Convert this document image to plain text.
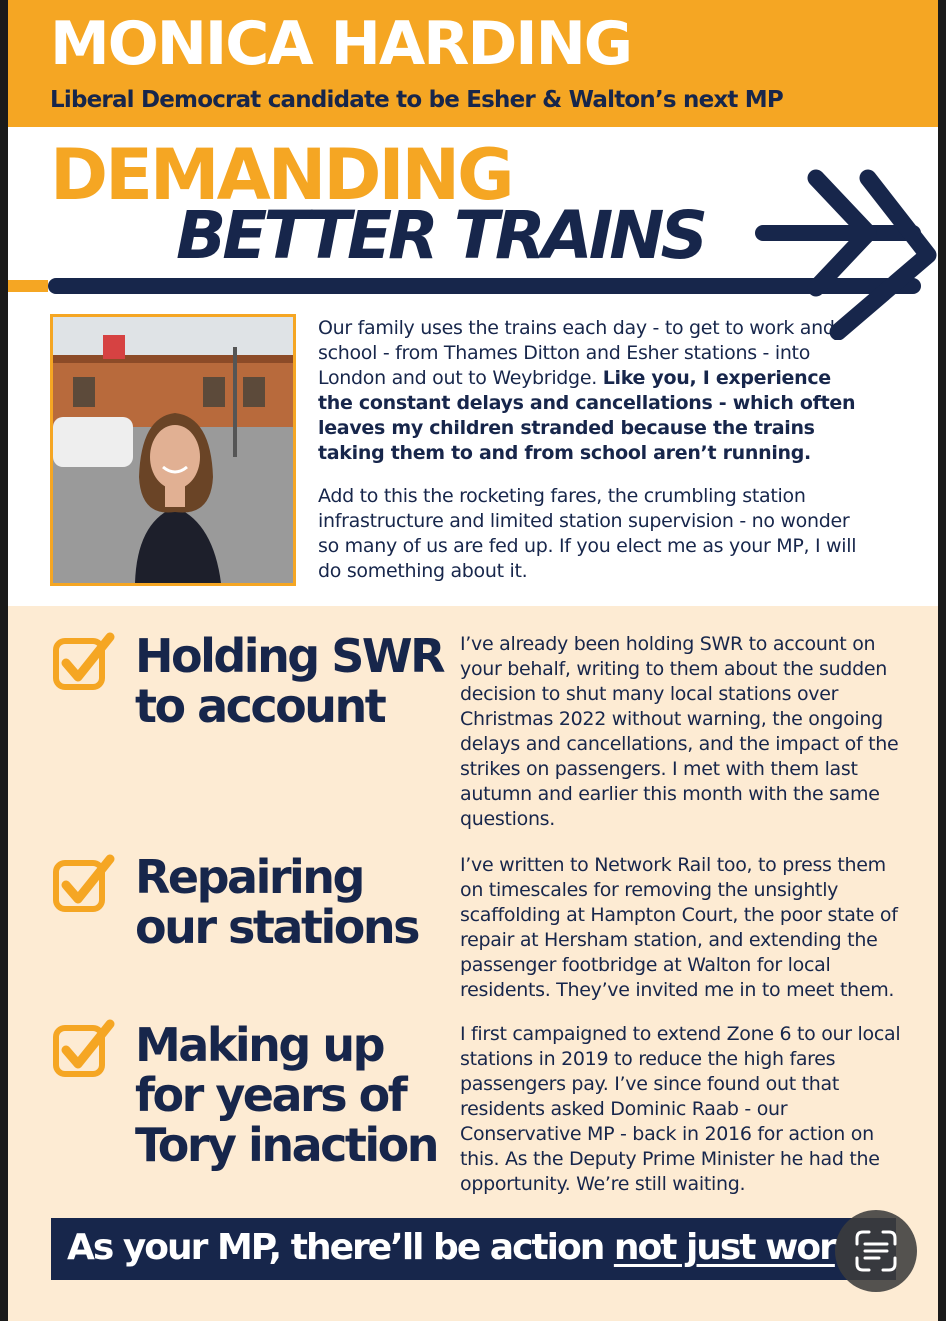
MONICA HARDING
Liberal Democrat candidate to be Esher & Walton’s next MP
DEMANDING
BETTER TRAINS

Our family uses the trains each day - to get to work and school - from Thames Ditton and Esher stations - into London and out to Weybridge. Like you, I experience the constant delays and cancellations - which often leaves my children stranded because the trains taking them to and from school aren’t running.

Add to this the rocketing fares, the crumbling station infrastructure and limited station supervision - no wonder so many of us are fed up. If you elect me as your MP, I will do something about it.

Holding SWR
to account
I’ve already been holding SWR to account on your behalf, writing to them about the sudden decision to shut many local stations over Christmas 2022 without warning, the ongoing delays and cancellations, and the impact of the strikes on passengers. I met with them last autumn and earlier this month with the same questions.
Repairing
our stations
I’ve written to Network Rail too, to press them on timescales for removing the unsightly scaffolding at Hampton Court, the poor state of repair at Hersham station, and extending the passenger footbridge at Walton for local residents. They’ve invited me in to meet them.
Making up
for years of
Tory inaction
I first campaigned to extend Zone 6 to our local stations in 2019 to reduce the high fares passengers pay. I’ve since found out that residents asked Dominic Raab - our Conservative MP - back in 2016 for action on this. As the Deputy Prime Minister he had the opportunity. We’re still waiting.
As your MP, there’ll be action not just wor
